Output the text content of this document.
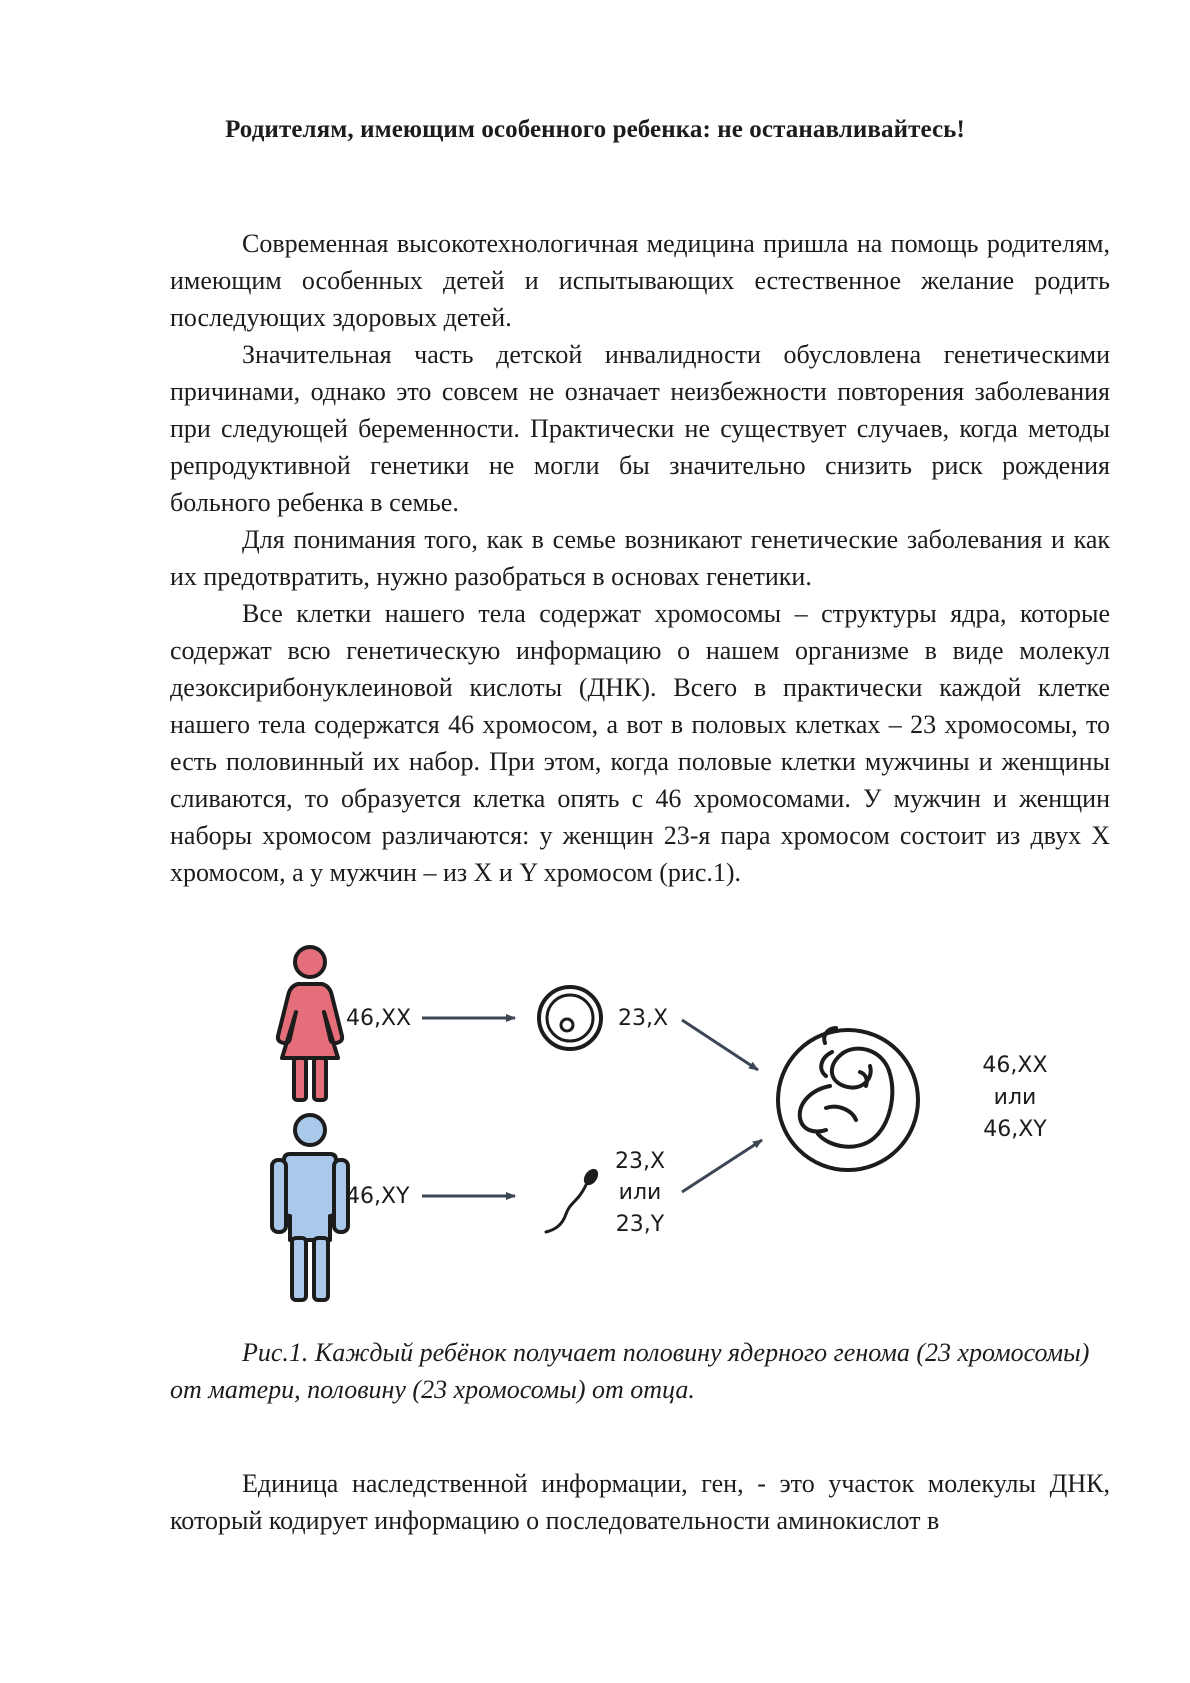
Родителям, имеющим особенного ребенка: не останавливайтесь!

Современная высокотехнологичная медицина пришла на помощь родителям, имеющим особенных детей и испытывающих естественное желание родить последующих здоровых детей.

Значительная часть детской инвалидности обусловлена генетическими причинами, однако это совсем не означает неизбежности повторения заболевания при следующей беременности. Практически не существует случаев, когда методы репродуктивной генетики не могли бы значительно снизить риск рождения больного ребенка в семье.

Для понимания того, как в семье возникают генетические заболевания и как их предотвратить, нужно разобраться в основах генетики.

Все клетки нашего тела содержат хромосомы – структуры ядра, которые содержат всю генетическую информацию о нашем организме в виде молекул дезоксирибонуклеиновой кислоты (ДНК). Всего в практически каждой клетке нашего тела содержатся 46 хромосом, а вот в половых клетках – 23 хромосомы, то есть половинный их набор. При этом, когда половые клетки мужчины и женщины сливаются, то образуется клетка опять с 46 хромосомами. У мужчин и женщин наборы хромосом различаются: у женщин 23-я пара хромосом состоит из двух X хромосом, а у мужчин – из X и Y хромосом (рис.1).

46,XX
46,XY
23,X
23,X
или
23,Y
46,XX
или
46,XY
Рис.1. Каждый ребёнок получает половину ядерного генома (23 хромосомы) от матери, половину (23 хромосомы) от отца.

Единица наследственной информации, ген, - это участок молекулы ДНК, который кодирует информацию о последовательности аминокислот в
